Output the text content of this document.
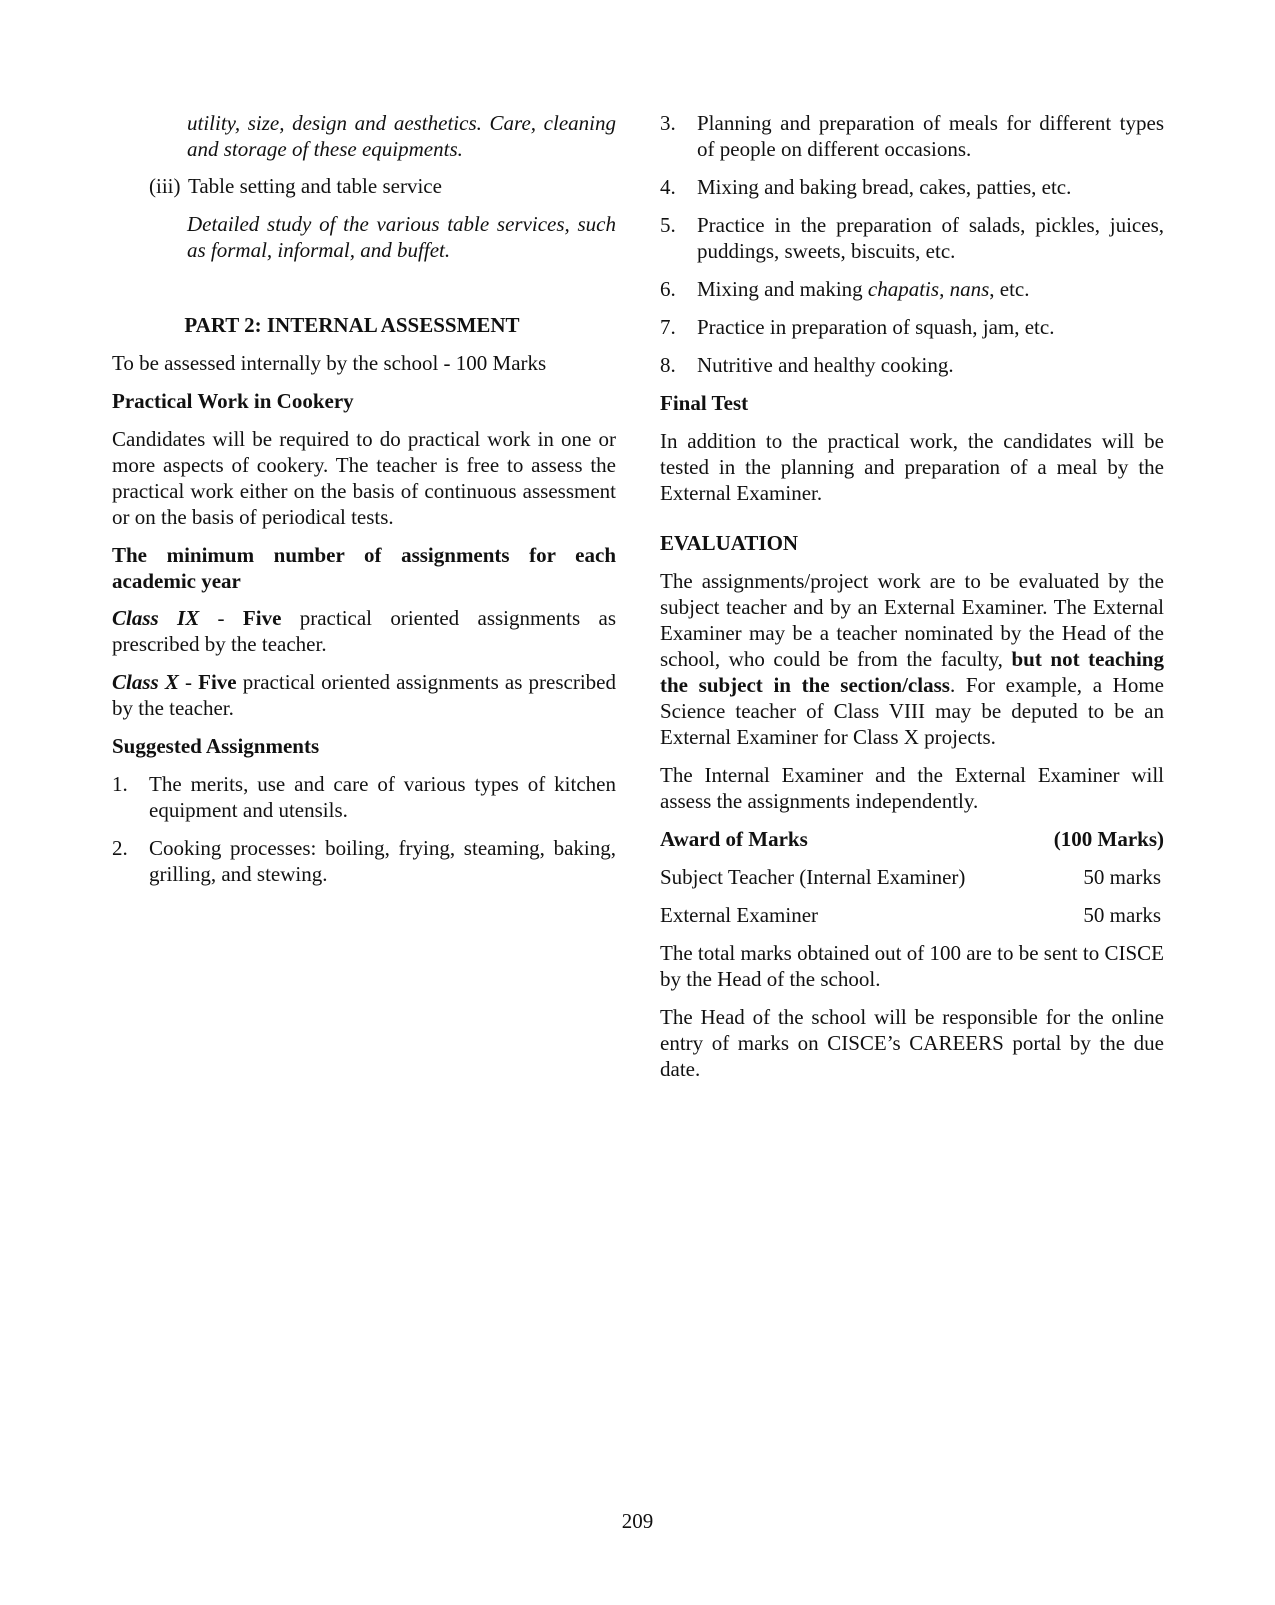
utility, size, design and aesthetics. Care, cleaning and storage of these equipments.

(iii) Table setting and table service

Detailed study of the various table services, such as formal, informal, and buffet.

PART 2: INTERNAL ASSESSMENT

To be assessed internally by the school - 100 Marks

Practical Work in Cookery

Candidates will be required to do practical work in one or more aspects of cookery. The teacher is free to assess the practical work either on the basis of continuous assessment or on the basis of periodical tests.

The minimum number of assignments for each academic year

Class IX - Five practical oriented assignments as prescribed by the teacher.

Class X - Five practical oriented assignments as prescribed by the teacher.

Suggested Assignments

1.	The merits, use and care of various types of kitchen equipment and utensils.
2.	Cooking processes: boiling, frying, steaming, baking, grilling, and stewing.
3.	Planning and preparation of meals for different types of people on different occasions.
4.	Mixing and baking bread, cakes, patties, etc.
5.	Practice in the preparation of salads, pickles, juices, puddings, sweets, biscuits, etc.
6.	Mixing and making chapatis, nans, etc.
7.	Practice in preparation of squash, jam, etc.
8.	Nutritive and healthy cooking.

Final Test

In addition to the practical work, the candidates will be tested in the planning and preparation of a meal by the External Examiner.

EVALUATION

The assignments/project work are to be evaluated by the subject teacher and by an External Examiner. The External Examiner may be a teacher nominated by the Head of the school, who could be from the faculty, but not teaching the subject in the section/class. For example, a Home Science teacher of Class VIII may be deputed to be an External Examiner for Class X projects.

The Internal Examiner and the External Examiner will assess the assignments independently.

Award of Marks	(100 Marks)
Subject Teacher (Internal Examiner)	50 marks
External Examiner	50 marks

The total marks obtained out of 100 are to be sent to CISCE by the Head of the school.

The Head of the school will be responsible for the online entry of marks on CISCE’s CAREERS portal by the due date.

209
